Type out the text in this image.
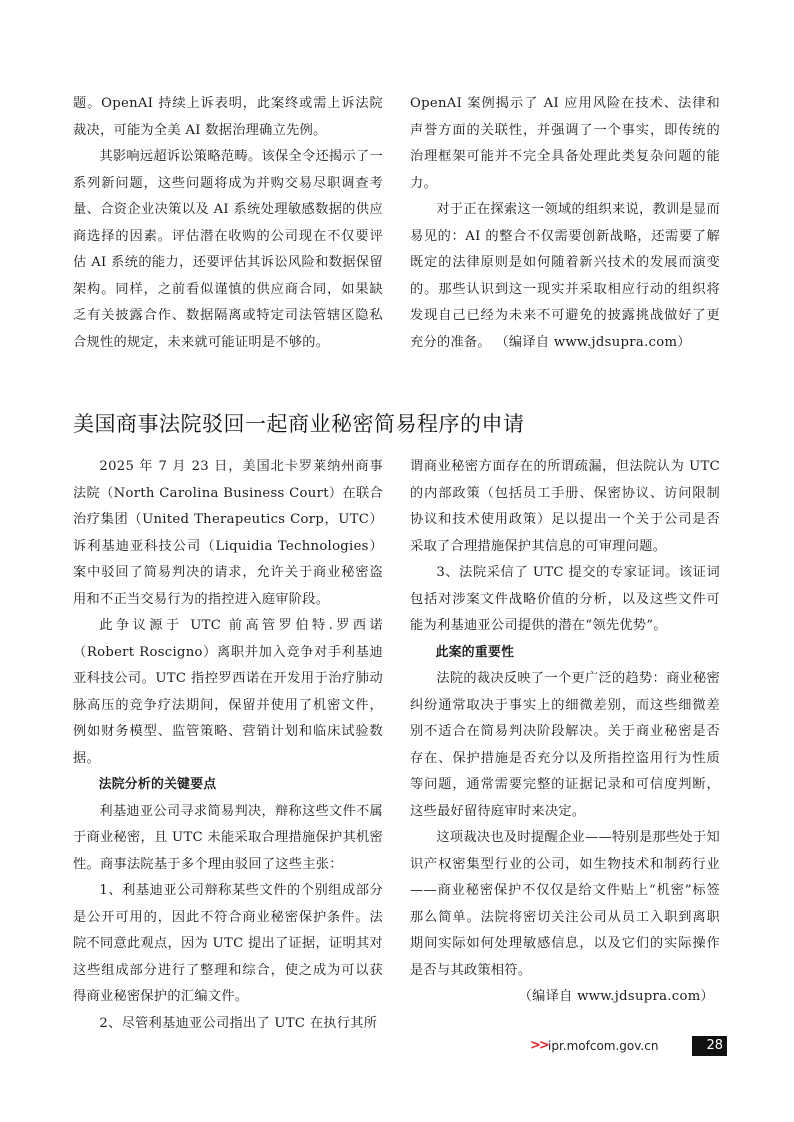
题。OpenAI 持续上诉表明，此案终或需上诉法院裁决，可能为全美 AI 数据治理确立先例。

其影响远超诉讼策略范畴。该保全令还揭示了一系列新问题，这些问题将成为并购交易尽职调查考量、合资企业决策以及 AI 系统处理敏感数据的供应商选择的因素。评估潜在收购的公司现在不仅要评估 AI 系统的能力，还要评估其诉讼风险和数据保留架构。同样，之前看似谨慎的供应商合同，如果缺乏有关披露合作、数据隔离或特定司法管辖区隐私合规性的规定，未来就可能证明是不够的。

OpenAI 案例揭示了 AI 应用风险在技术、法律和声誉方面的关联性，并强调了一个事实，即传统的治理框架可能并不完全具备处理此类复杂问题的能力。

对于正在探索这一领域的组织来说，教训是显而易见的：AI 的整合不仅需要创新战略，还需要了解既定的法律原则是如何随着新兴技术的发展而演变的。那些认识到这一现实并采取相应行动的组织将发现自己已经为未来不可避免的披露挑战做好了更充分的准备。 （编译自 www.jdsupra.com）

美国商事法院驳回一起商业秘密简易程序的申请

2025 年 7 月 23 日，美国北卡罗莱纳州商事法院（North Carolina Business Court）在联合治疗集团（United Therapeutics Corp，UTC）诉利基迪亚科技公司（Liquidia Technologies）案中驳回了简易判决的请求，允许关于商业秘密盗用和不正当交易行为的指控进入庭审阶段。

此争议源于 UTC 前高管罗伯特.罗西诺（Robert Roscigno）离职并加入竞争对手利基迪亚科技公司。UTC 指控罗西诺在开发用于治疗肺动脉高压的竞争疗法期间，保留并使用了机密文件，例如财务模型、监管策略、营销计划和临床试验数据。

法院分析的关键要点

利基迪亚公司寻求简易判决，辩称这些文件不属于商业秘密，且 UTC 未能采取合理措施保护其机密性。商事法院基于多个理由驳回了这些主张：

1、利基迪亚公司辩称某些文件的个别组成部分是公开可用的，因此不符合商业秘密保护条件。法院不同意此观点，因为 UTC 提出了证据，证明其对这些组成部分进行了整理和综合，使之成为可以获得商业秘密保护的汇编文件。

2、尽管利基迪亚公司指出了 UTC 在执行其所

谓商业秘密方面存在的所谓疏漏，但法院认为 UTC 的内部政策（包括员工手册、保密协议、访问限制协议和技术使用政策）足以提出一个关于公司是否采取了合理措施保护其信息的可审理问题。

3、法院采信了 UTC 提交的专家证词。该证词包括对涉案文件战略价值的分析，以及这些文件可能为利基迪亚公司提供的潜在“领先优势”。

此案的重要性

法院的裁决反映了一个更广泛的趋势：商业秘密纠纷通常取决于事实上的细微差别，而这些细微差别不适合在简易判决阶段解决。关于商业秘密是否存在、保护措施是否充分以及所指控盗用行为性质等问题，通常需要完整的证据记录和可信度判断，这些最好留待庭审时来决定。

这项裁决也及时提醒企业——特别是那些处于知识产权密集型行业的公司，如生物技术和制药行业——商业秘密保护不仅仅是给文件贴上“机密”标签那么简单。法院将密切关注公司从员工入职到离职期间实际如何处理敏感信息，以及它们的实际操作是否与其政策相符。

（编译自 www.jdsupra.com）

>> ipr.mofcom.gov.cn	28
